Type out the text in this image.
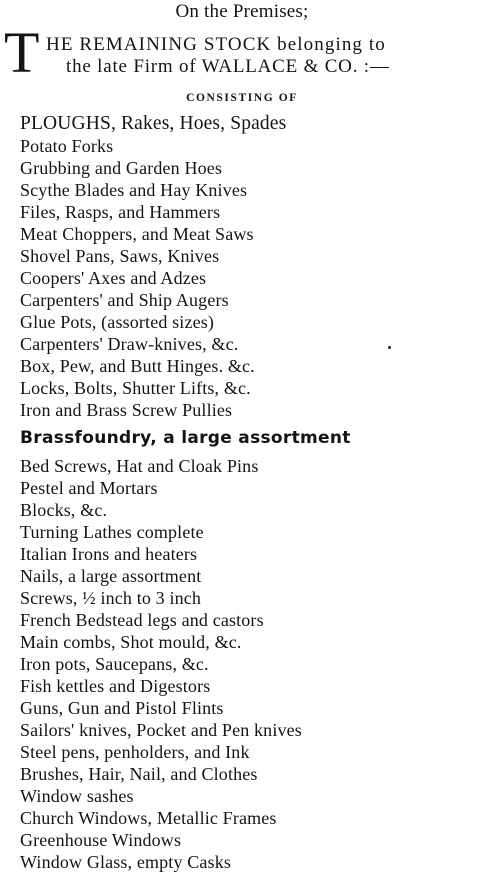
On the Premises;
T HE REMAINING STOCK belonging to
the late Firm of WALLACE & CO. :—
CONSISTING OF
PLOUGHS, Rakes, Hoes, Spades
Potato Forks
Grubbing and Garden Hoes
Scythe Blades and Hay Knives
Files, Rasps, and Hammers
Meat Choppers, and Meat Saws
Shovel Pans, Saws, Knives
Coopers' Axes and Adzes
Carpenters' and Ship Augers
Glue Pots, (assorted sizes)
Carpenters' Draw-knives, &c.
Box, Pew, and Butt Hinges. &c.
Locks, Bolts, Shutter Lifts, &c.
Iron and Brass Screw Pullies
Brassfoundry, a large assortment
Bed Screws, Hat and Cloak Pins
Pestel and Mortars
Blocks, &c.
Turning Lathes complete
Italian Irons and heaters
Nails, a large assortment
Screws, ½ inch to 3 inch
French Bedstead legs and castors
Main combs, Shot mould, &c.
Iron pots, Saucepans, &c.
Fish kettles and Digestors
Guns, Gun and Pistol Flints
Sailors' knives, Pocket and Pen knives
Steel pens, penholders, and Ink
Brushes, Hair, Nail, and Clothes
Window sashes
Church Windows, Metallic Frames
Greenhouse Windows
Window Glass, empty Casks
